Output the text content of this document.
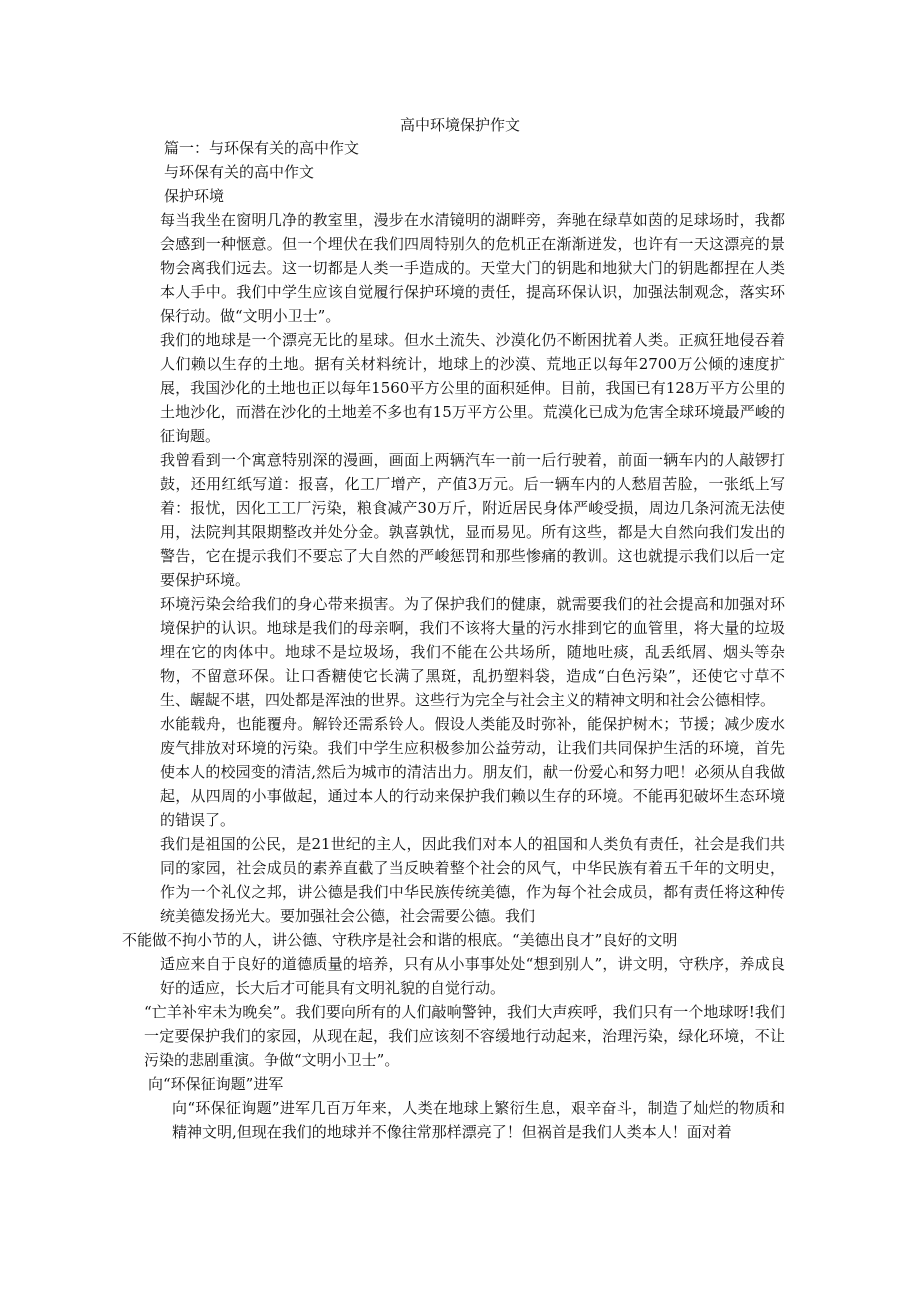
高中环境保护作文
篇一：与环保有关的高中作文
与环保有关的高中作文
保护环境

每当我坐在窗明几净的教室里，漫步在水清镜明的湖畔旁，奔驰在绿草如茵的足球场时，我都会感到一种惬意。但一个埋伏在我们四周特别久的危机正在渐渐迸发，也许有一天这漂亮的景物会离我们远去。这一切都是人类一手造成的。天堂大门的钥匙和地狱大门的钥匙都捏在人类本人手中。我们中学生应该自觉履行保护环境的责任，提高环保认识，加强法制观念，落实环保行动。做“文明小卫士”。

我们的地球是一个漂亮无比的星球。但水土流失、沙漠化仍不断困扰着人类。正疯狂地侵吞着人们赖以生存的土地。据有关材料统计，地球上的沙漠、荒地正以每年2700万公倾的速度扩展，我国沙化的土地也正以每年1560平方公里的面积延伸。目前，我国已有128万平方公里的土地沙化，而潜在沙化的土地差不多也有15万平方公里。荒漠化已成为危害全球环境最严峻的征询题。

我曾看到一个寓意特别深的漫画，画面上两辆汽车一前一后行驶着，前面一辆车内的人敲锣打鼓，还用红纸写道：报喜，化工厂增产，产值3万元。后一辆车内的人愁眉苦脸，一张纸上写着：报忧，因化工工厂污染，粮食减产30万斤，附近居民身体严峻受损，周边几条河流无法使用，法院判其限期整改并处分金。孰喜孰忧，显而易见。所有这些，都是大自然向我们发出的警告，它在提示我们不要忘了大自然的严峻惩罚和那些惨痛的教训。这也就提示我们以后一定要保护环境。

环境污染会给我们的身心带来损害。为了保护我们的健康，就需要我们的社会提高和加强对环境保护的认识。地球是我们的母亲啊，我们不该将大量的污水排到它的血管里，将大量的垃圾埋在它的肉体中。地球不是垃圾场，我们不能在公共场所，随地吐痰，乱丢纸屑、烟头等杂物，不留意环保。让口香糖使它长满了黑斑，乱扔塑料袋，造成“白色污染”，还使它寸草不生、龌龊不堪，四处都是浑浊的世界。这些行为完全与社会主义的精神文明和社会公德相悖。

水能载舟，也能覆舟。解铃还需系铃人。假设人类能及时弥补，能保护树木；节援；减少废水废气排放对环境的污染。我们中学生应积极参加公益劳动，让我们共同保护生活的环境，首先使本人的校园变的清洁,然后为城市的清洁出力。朋友们，献一份爱心和努力吧！必须从自我做起，从四周的小事做起，通过本人的行动来保护我们赖以生存的环境。不能再犯破坏生态环境的错误了。

我们是祖国的公民，是21世纪的主人，因此我们对本人的祖国和人类负有责任，社会是我们共同的家园，社会成员的素养直截了当反映着整个社会的风气，中华民族有着五千年的文明史，作为一个礼仪之邦，讲公德是我们中华民族传统美德，作为每个社会成员，都有责任将这种传统美德发扬光大。要加强社会公德，社会需要公德。我们

不能做不拘小节的人，讲公德、守秩序是社会和谐的根底。“美德出良才”良好的文明

适应来自于良好的道德质量的培养，只有从小事事处处“想到别人”，讲文明，守秩序，养成良好的适应，长大后才可能具有文明礼貌的自觉行动。

“亡羊补牢未为晚矣”。我们要向所有的人们敲响警钟，我们大声疾呼，我们只有一个地球呀!我们一定要保护我们的家园，从现在起，我们应该刻不容缓地行动起来，治理污染，绿化环境，不让污染的悲剧重演。争做“文明小卫士”。

向“环保征询题”进军

向“环保征询题”进军几百万年来，人类在地球上繁衍生息，艰辛奋斗，制造了灿烂的物质和精神文明,但现在我们的地球并不像往常那样漂亮了！但祸首是我们人类本人！面对着
